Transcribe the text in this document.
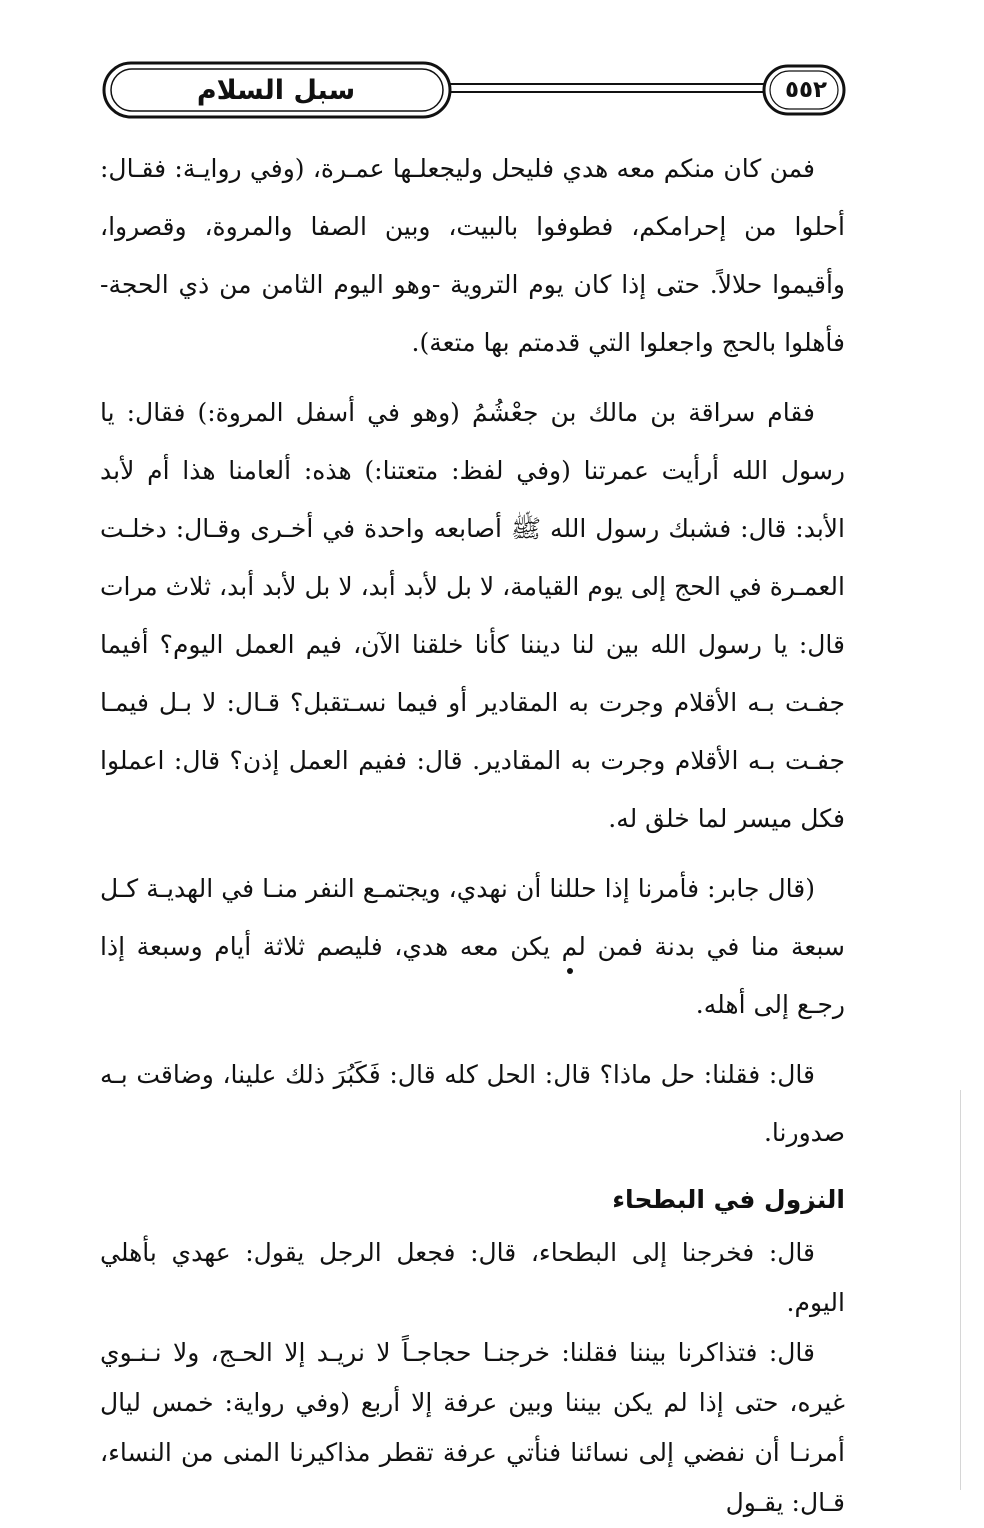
سبل السلام	٥٥٢

فمن كان منكم معه هدي فليحل وليجعلـها عمـرة، (وفي روايـة: فقـال: أحلوا من إحرامكم، فطوفوا بالبيت، وبين الصفا والمروة، وقصروا، وأقيموا حلالاً. حتى إذا كان يوم التروية -وهو اليوم الثامن من ذي الحجة- فأهلوا بالحج واجعلوا التي قدمتم بها متعة).

فقام سراقة بن مالك بن جعْشُمُ (وهو في أسفل المروة:) فقال: يا رسول الله أرأيت عمرتنا (وفي لفظ: متعتنا:) هذه: ألعامنا هذا أم لأبد الأبد: قال: فشبك رسول الله ﷺ أصابعه واحدة في أخـرى وقـال: دخلـت العمـرة في الحج إلى يوم القيامة، لا بل لأبد أبد، لا بل لأبد أبد، ثلاث مرات قال: يا رسول الله بين لنا ديننا كأنا خلقنا الآن، فيم العمل اليوم؟ أفيما جفـت بـه الأقلام وجرت به المقادير أو فيما نسـتقبل؟ قـال: لا بـل فيمـا جفـت بـه الأقلام وجرت به المقادير. قال: ففيم العمل إذن؟ قال: اعملوا فكل ميسر لما خلق له.

(قال جابر: فأمرنا إذا حللنا أن نهدي، ويجتمـع النفر منـا في الهديـة كـل سبعة منا في بدنة فمن لم يكن معه هدي، فليصم ثلاثة أيام وسبعة إذا رجـع إلى أهله.

قال: فقلنا: حل ماذا؟ قال: الحل كله قال: فَكَبُرَ ذلك علينا، وضاقت بـه صدورنا.

النزول في البطحاء

قال: فخرجنا إلى البطحاء، قال: فجعل الرجل يقول: عهدي بأهلي اليوم.

قال: فتذاكرنا بيننا فقلنا: خرجنـا حجاجـاً لا نريـد إلا الحـج، ولا نـنـوي غيره، حتى إذا لم يكن بيننا وبين عرفة إلا أربع (وفي رواية: خمس ليال أمرنـا أن نفضي إلى نسائنا فنأتي عرفة تقطر مذاكيرنا المنى من النساء، قـال: يقـول
